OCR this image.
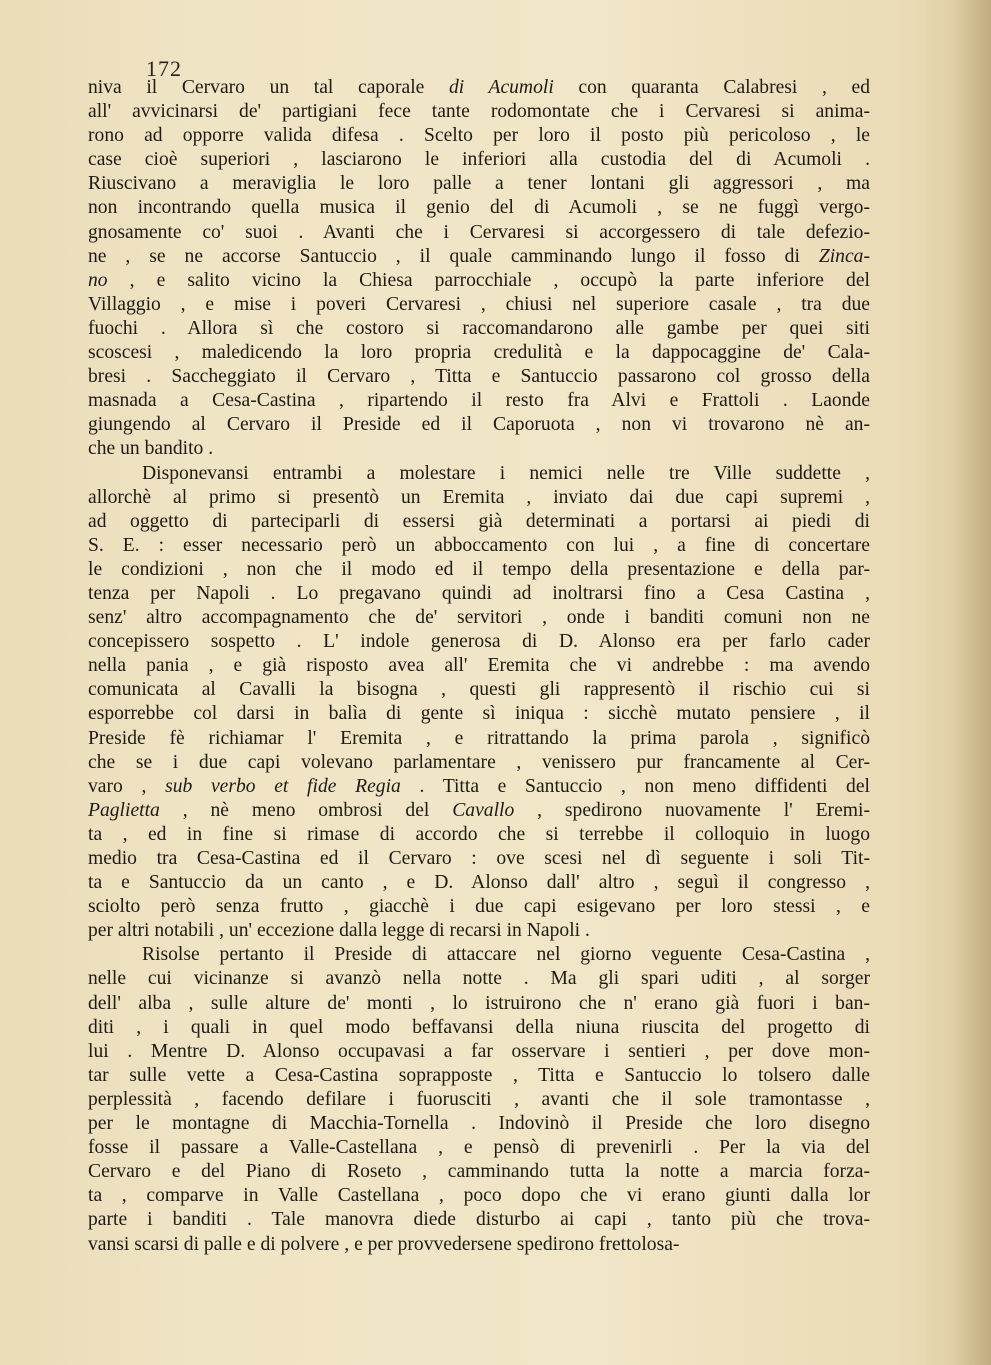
172

niva il Cervaro un tal caporale di Acumoli con quaranta Calabresi , ed
all' avvicinarsi de' partigiani fece tante rodomontate che i Cervaresi si anima-
rono ad opporre valida difesa . Scelto per loro il posto più pericoloso , le
case cioè superiori , lasciarono le inferiori alla custodia del di Acumoli .
Riuscivano a meraviglia le loro palle a tener lontani gli aggressori , ma
non incontrando quella musica il genio del di Acumoli , se ne fuggì vergo-
gnosamente co' suoi . Avanti che i Cervaresi si accorgessero di tale defezio-
ne , se ne accorse Santuccio , il quale camminando lungo il fosso di Zinca-
no , e salito vicino la Chiesa parrocchiale , occupò la parte inferiore del
Villaggio , e mise i poveri Cervaresi , chiusi nel superiore casale , tra due
fuochi . Allora sì che costoro si raccomandarono alle gambe per quei siti
scoscesi , maledicendo la loro propria credulità e la dappocaggine de' Cala-
bresi . Saccheggiato il Cervaro , Titta e Santuccio passarono col grosso della
masnada a Cesa-Castina , ripartendo il resto fra Alvi e Frattoli . Laonde
giungendo al Cervaro il Preside ed il Caporuota , non vi trovarono nè an-
che un bandito .

Disponevansi entrambi a molestare i nemici nelle tre Ville suddette ,
allorchè al primo si presentò un Eremita , inviato dai due capi supremi ,
ad oggetto di parteciparli di essersi già determinati a portarsi ai piedi di
S. E. : esser necessario però un abboccamento con lui , a fine di concertare
le condizioni , non che il modo ed il tempo della presentazione e della par-
tenza per Napoli . Lo pregavano quindi ad inoltrarsi fino a Cesa Castina ,
senz' altro accompagnamento che de' servitori , onde i banditi comuni non ne
concepissero sospetto . L' indole generosa di D. Alonso era per farlo cader
nella pania , e già risposto avea all' Eremita che vi andrebbe : ma avendo
comunicata al Cavalli la bisogna , questi gli rappresentò il rischio cui si
esporrebbe col darsi in balìa di gente sì iniqua : sicchè mutato pensiere , il
Preside fè richiamar l' Eremita , e ritrattando la prima parola , significò
che se i due capi volevano parlamentare , venissero pur francamente al Cer-
varo , sub verbo et fide Regia . Titta e Santuccio , non meno diffidenti del
Paglietta , nè meno ombrosi del Cavallo , spedirono nuovamente l' Eremi-
ta , ed in fine si rimase di accordo che si terrebbe il colloquio in luogo
medio tra Cesa-Castina ed il Cervaro : ove scesi nel dì seguente i soli Tit-
ta e Santuccio da un canto , e D. Alonso dall' altro , seguì il congresso ,
sciolto però senza frutto , giacchè i due capi esigevano per loro stessi , e
per altri notabili , un' eccezione dalla legge di recarsi in Napoli .

Risolse pertanto il Preside di attaccare nel giorno veguente Cesa-Castina ,
nelle cui vicinanze si avanzò nella notte . Ma gli spari uditi , al sorger
dell' alba , sulle alture de' monti , lo istruirono che n' erano già fuori i ban-
diti , i quali in quel modo beffavansi della niuna riuscita del progetto di
lui . Mentre D. Alonso occupavasi a far osservare i sentieri , per dove mon-
tar sulle vette a Cesa-Castina soprapposte , Titta e Santuccio lo tolsero dalle
perplessità , facendo defilare i fuorusciti , avanti che il sole tramontasse ,
per le montagne di Macchia-Tornella . Indovinò il Preside che loro disegno
fosse il passare a Valle-Castellana , e pensò di prevenirli . Per la via del
Cervaro e del Piano di Roseto , camminando tutta la notte a marcia forza-
ta , comparve in Valle Castellana , poco dopo che vi erano giunti dalla lor
parte i banditi . Tale manovra diede disturbo ai capi , tanto più che trova-
vansi scarsi di palle e di polvere , e per provvedersene spedirono frettolosa-
